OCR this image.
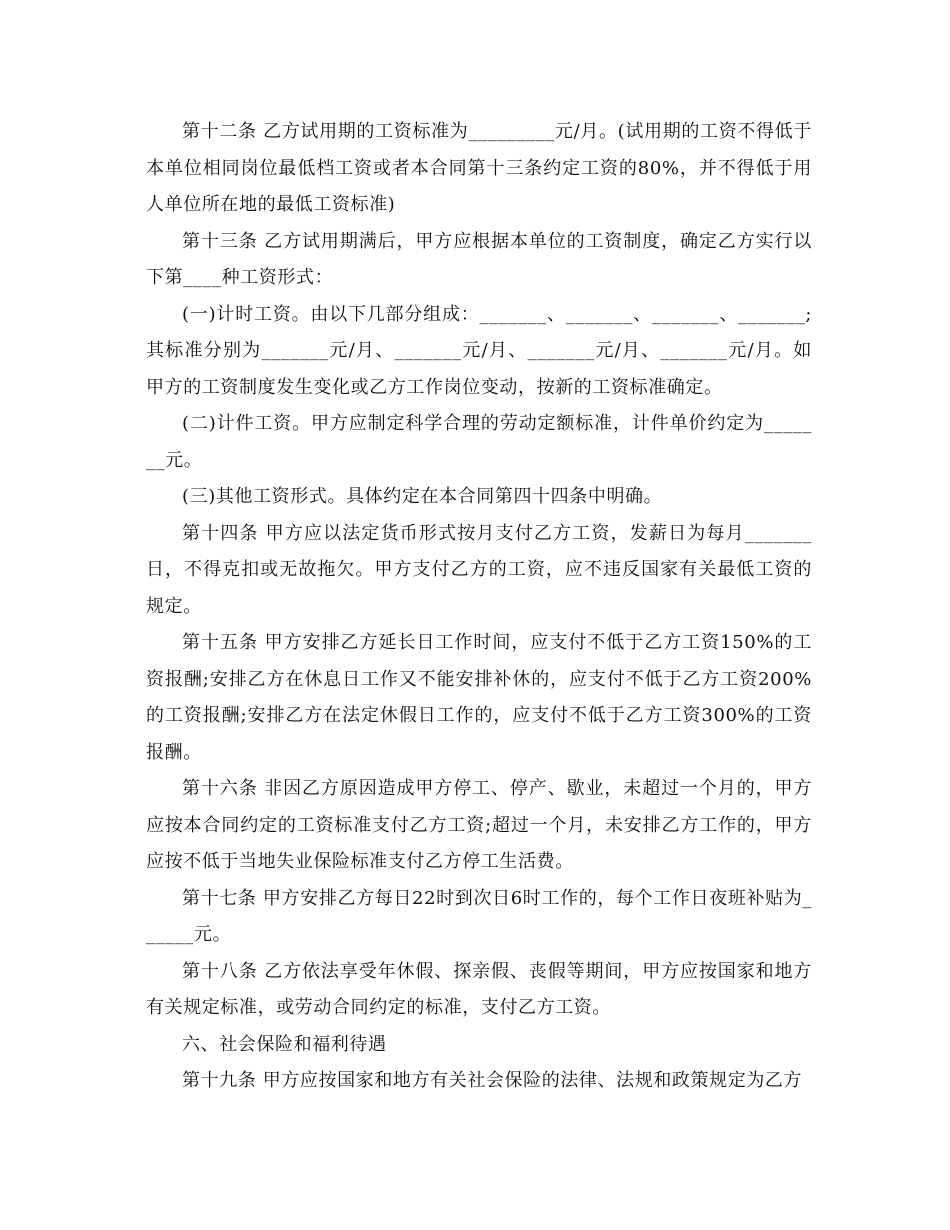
第十二条 乙方试用期的工资标准为_________元/月。(试用期的工资不得低于本单位相同岗位最低档工资或者本合同第十三条约定工资的80%，并不得低于用人单位所在地的最低工资标准)

第十三条 乙方试用期满后，甲方应根据本单位的工资制度，确定乙方实行以下第____种工资形式：

(一)计时工资。由以下几部分组成：_______、_______、_______、_______;其标准分别为_______元/月、_______元/月、_______元/月、_______元/月。如甲方的工资制度发生变化或乙方工作岗位变动，按新的工资标准确定。

(二)计件工资。甲方应制定科学合理的劳动定额标准，计件单价约定为_______元。

(三)其他工资形式。具体约定在本合同第四十四条中明确。

第十四条 甲方应以法定货币形式按月支付乙方工资，发薪日为每月_______日，不得克扣或无故拖欠。甲方支付乙方的工资，应不违反国家有关最低工资的规定。

第十五条 甲方安排乙方延长日工作时间，应支付不低于乙方工资150%的工资报酬;安排乙方在休息日工作又不能安排补休的，应支付不低于乙方工资200%的工资报酬;安排乙方在法定休假日工作的，应支付不低于乙方工资300%的工资报酬。

第十六条 非因乙方原因造成甲方停工、停产、歇业，未超过一个月的，甲方应按本合同约定的工资标准支付乙方工资;超过一个月，未安排乙方工作的，甲方应按不低于当地失业保险标准支付乙方停工生活费。

第十七条 甲方安排乙方每日22时到次日6时工作的，每个工作日夜班补贴为______元。

第十八条 乙方依法享受年休假、探亲假、丧假等期间，甲方应按国家和地方有关规定标准，或劳动合同约定的标准，支付乙方工资。

六、社会保险和福利待遇

第十九条 甲方应按国家和地方有关社会保险的法律、法规和政策规定为乙方
